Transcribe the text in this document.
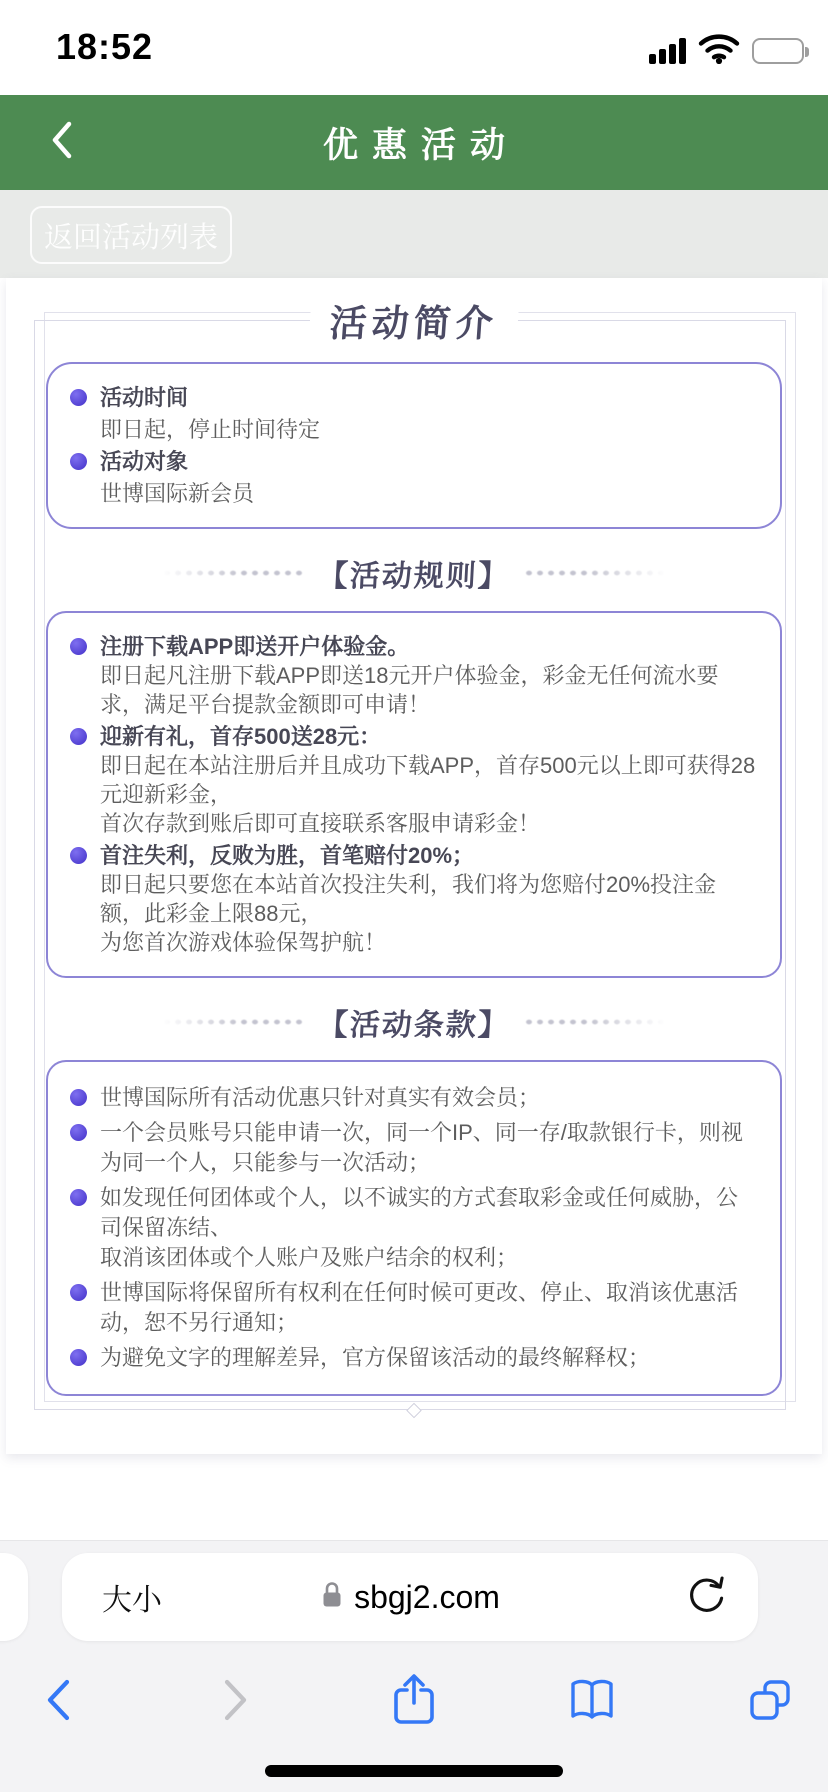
18:52
优惠活动
返回活动列表
活动简介
活动时间
即日起，停止时间待定
活动对象
世博国际新会员
【活动规则】
注册下载APP即送开户体验金。
即日起凡注册下载APP即送18元开户体验金，彩金无任何流水要求，满足平台提款金额即可申请！
迎新有礼，首存500送28元：
即日起在本站注册后并且成功下载APP，首存500元以上即可获得28元迎新彩金，
首次存款到账后即可直接联系客服申请彩金！
首注失利，反败为胜，首笔赔付20%；
即日起只要您在本站首次投注失利，我们将为您赔付20%投注金额，此彩金上限88元，
为您首次游戏体验保驾护航！
【活动条款】
世博国际所有活动优惠只针对真实有效会员；
一个会员账号只能申请一次，同一个IP、同一存/取款银行卡，则视为同一个人，只能参与一次活动；
如发现任何团体或个人，以不诚实的方式套取彩金或任何威胁，公司保留冻结、
取消该团体或个人账户及账户结余的权利；
世博国际将保留所有权利在任何时候可更改、停止、取消该优惠活动，恕不另行通知；
为避免文字的理解差异，官方保留该活动的最终解释权；
大小	sbgj2.com
